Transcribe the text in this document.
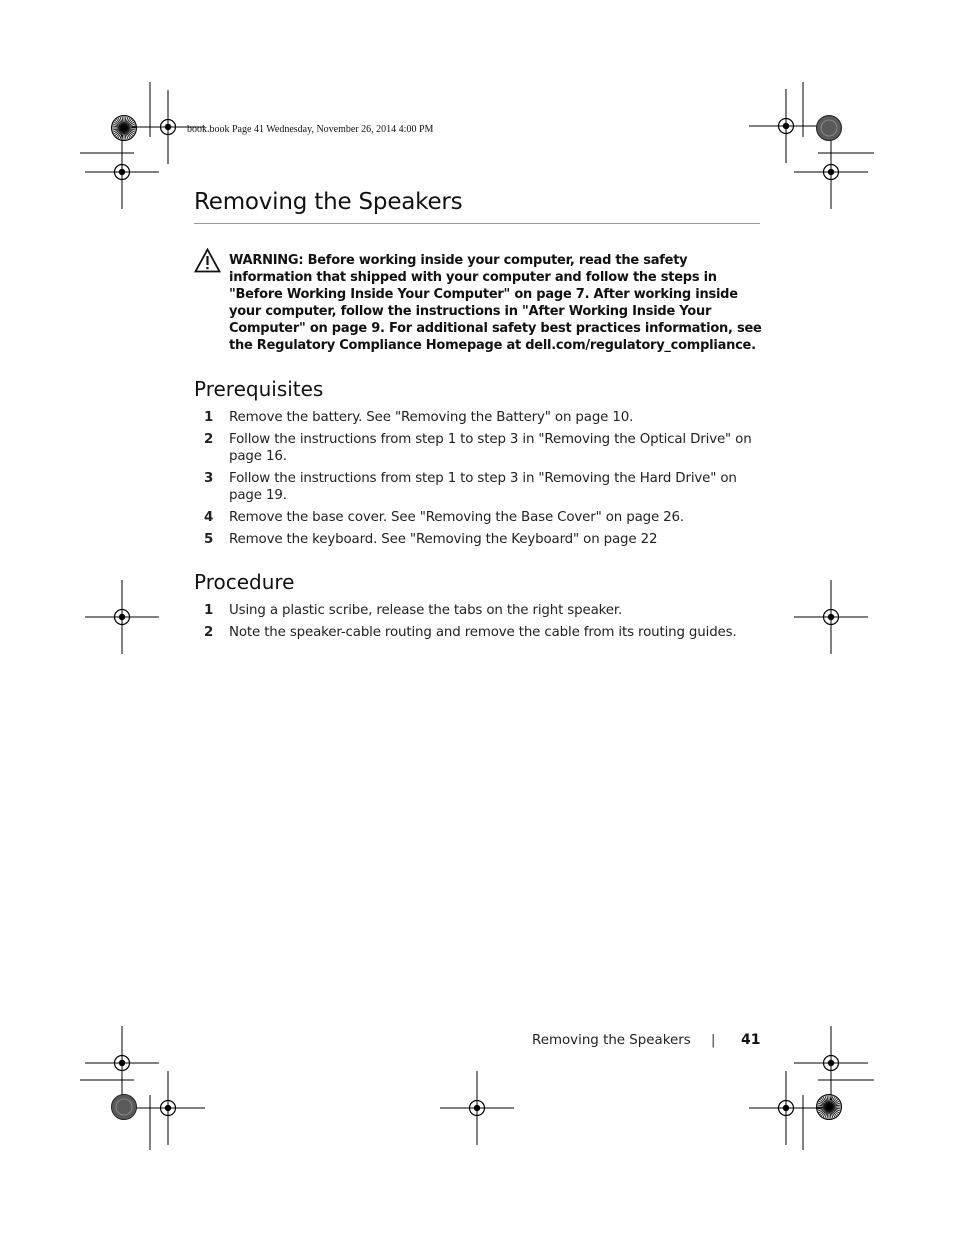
book.book Page 41 Wednesday, November 26, 2014 4:00 PM
Removing the Speakers

WARNING: Before working inside your computer, read the safety information that shipped with your computer and follow the steps in "Before Working Inside Your Computer" on page 7. After working inside your computer, follow the instructions in "After Working Inside Your Computer" on page 9. For additional safety best practices information, see the Regulatory Compliance Homepage at dell.com/regulatory_compliance.

Prerequisites
1 Remove the battery. See "Removing the Battery" on page 10.
2 Follow the instructions from step 1 to step 3 in "Removing the Optical Drive" on page 16.
3 Follow the instructions from step 1 to step 3 in "Removing the Hard Drive" on page 19.
4 Remove the base cover. See "Removing the Base Cover" on page 26.
5 Remove the keyboard. See "Removing the Keyboard" on page 22
Procedure
1 Using a plastic scribe, release the tabs on the right speaker.
2 Note the speaker-cable routing and remove the cable from its routing guides.
Removing the Speakers | 41
